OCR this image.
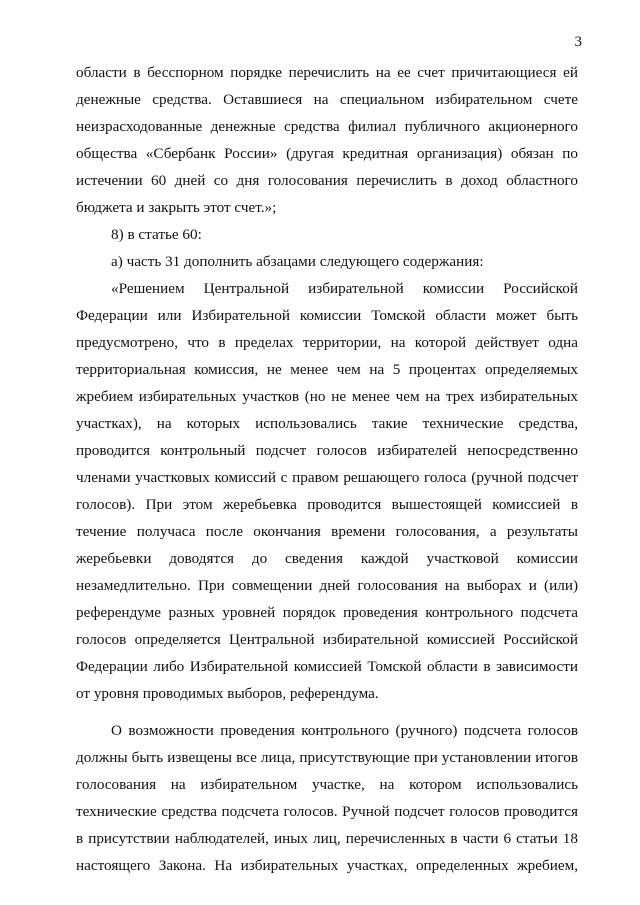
3
области в бесспорном порядке перечислить на ее счет причитающиеся ей
денежные средства. Оставшиеся на специальном избирательном счете
неизрасходованные денежные средства филиал публичного акционерного
общества «Сбербанк России» (другая кредитная организация) обязан по
истечении 60 дней со дня голосования перечислить в доход областного
бюджета и закрыть этот счет.»;
8) в статье 60:
а) часть 31 дополнить абзацами следующего содержания:
«Решением Центральной избирательной комиссии Российской
Федерации или Избирательной комиссии Томской области может быть
предусмотрено, что в пределах территории, на которой действует одна
территориальная комиссия, не менее чем на 5 процентах определяемых
жребием избирательных участков (но не менее чем на трех избирательных
участках), на которых использовались такие технические средства,
проводится контрольный подсчет голосов избирателей непосредственно
членами участковых комиссий с правом решающего голоса (ручной подсчет
голосов). При этом жеребьевка проводится вышестоящей комиссией в
течение получаса после окончания времени голосования, а результаты
жеребьевки доводятся до сведения каждой участковой комиссии
незамедлительно. При совмещении дней голосования на выборах и (или)
референдуме разных уровней порядок проведения контрольного подсчета
голосов определяется Центральной избирательной комиссией Российской
Федерации либо Избирательной комиссией Томской области в зависимости
от уровня проводимых выборов, референдума.
О возможности проведения контрольного (ручного) подсчета голосов
должны быть извещены все лица, присутствующие при установлении итогов
голосования на избирательном участке, на котором использовались
технические средства подсчета голосов. Ручной подсчет голосов проводится
в присутствии наблюдателей, иных лиц, перечисленных в части 6 статьи 18
настоящего Закона. На избирательных участках, определенных жребием,
